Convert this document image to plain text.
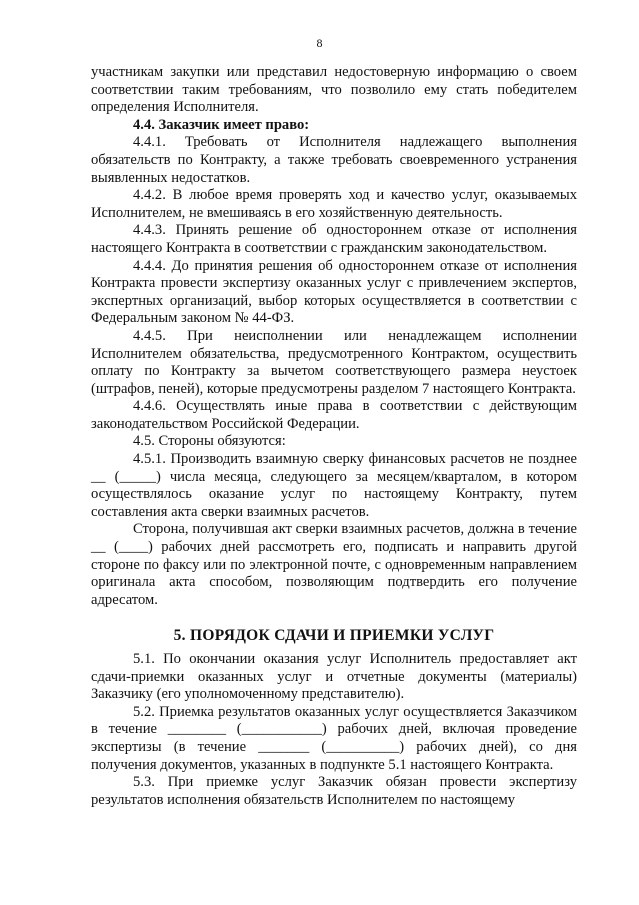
8

участникам закупки или представил недостоверную информацию о своем соответствии таким требованиям, что позволило ему стать победителем определения Исполнителя.

4.4. Заказчик имеет право:

4.4.1. Требовать от Исполнителя надлежащего выполнения обязательств по Контракту, а также требовать своевременного устранения выявленных недостатков.

4.4.2. В любое время проверять ход и качество услуг, оказываемых Исполнителем, не вмешиваясь в его хозяйственную деятельность.

4.4.3. Принять решение об одностороннем отказе от исполнения настоящего Контракта в соответствии с гражданским законодательством.

4.4.4. До принятия решения об одностороннем отказе от исполнения Контракта провести экспертизу оказанных услуг с привлечением экспертов, экспертных организаций, выбор которых осуществляется в соответствии с Федеральным законом № 44-ФЗ.

4.4.5. При неисполнении или ненадлежащем исполнении Исполнителем обязательства, предусмотренного Контрактом, осуществить оплату по Контракту за вычетом соответствующего размера неустоек (штрафов, пеней), которые предусмотрены разделом 7 настоящего Контракта.

4.4.6. Осуществлять иные права в соответствии с действующим законодательством Российской Федерации.

4.5. Стороны обязуются:

4.5.1. Производить взаимную сверку финансовых расчетов не позднее __ (_____) числа месяца, следующего за месяцем/кварталом, в котором осуществлялось оказание услуг по настоящему Контракту, путем составления акта сверки взаимных расчетов.

Сторона, получившая акт сверки взаимных расчетов, должна в течение __ (____) рабочих дней рассмотреть его, подписать и направить другой стороне по факсу или по электронной почте, с одновременным направлением оригинала акта способом, позволяющим подтвердить его получение адресатом.

5. ПОРЯДОК СДАЧИ И ПРИЕМКИ УСЛУГ

5.1. По окончании оказания услуг Исполнитель предоставляет акт сдачи-приемки оказанных услуг и отчетные документы (материалы) Заказчику (его уполномоченному представителю).

5.2. Приемка результатов оказанных услуг осуществляется Заказчиком в течение ________ (___________) рабочих дней, включая проведение экспертизы (в течение _______ (__________) рабочих дней), со дня получения документов, указанных в подпункте 5.1 настоящего Контракта.

5.3. При приемке услуг Заказчик обязан провести экспертизу результатов исполнения обязательств Исполнителем по настоящему
